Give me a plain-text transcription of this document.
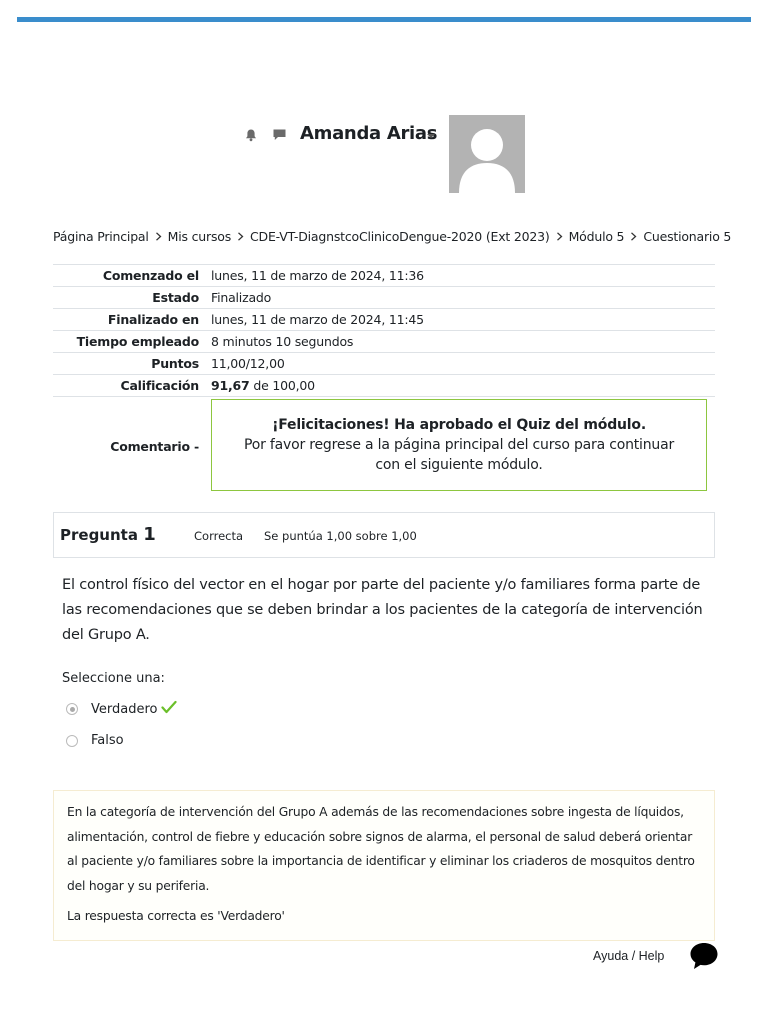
Amanda Arias
Página Principal Mis cursos CDE-VT-DiagnstcoClinicoDengue-2020 (Ext 2023) Módulo 5 Cuestionario 5
Comenzado el	lunes, 11 de marzo de 2024, 11:36
Estado	Finalizado
Finalizado en	lunes, 11 de marzo de 2024, 11:45
Tiempo empleado	8 minutos 10 segundos
Puntos	11,00/12,00
Calificación	91,67 de 100,00
Comentario -	¡Felicitaciones! Ha aprobado el Quiz del módulo.
Por favor regrese a la página principal del curso para continuar con el siguiente módulo.
Pregunta 1	Correcta Se puntúa 1,00 sobre 1,00
El control físico del vector en el hogar por parte del paciente y/o familiares forma parte de las recomendaciones que se deben brindar a los pacientes de la categoría de intervención del Grupo A.
Seleccione una:
Verdadero
Falso
En la categoría de intervención del Grupo A además de las recomendaciones sobre ingesta de líquidos, alimentación, control de fiebre y educación sobre signos de alarma, el personal de salud deberá orientar al paciente y/o familiares sobre la importancia de identificar y eliminar los criaderos de mosquitos dentro del hogar y su periferia.
La respuesta correcta es 'Verdadero'
Ayuda / Help
